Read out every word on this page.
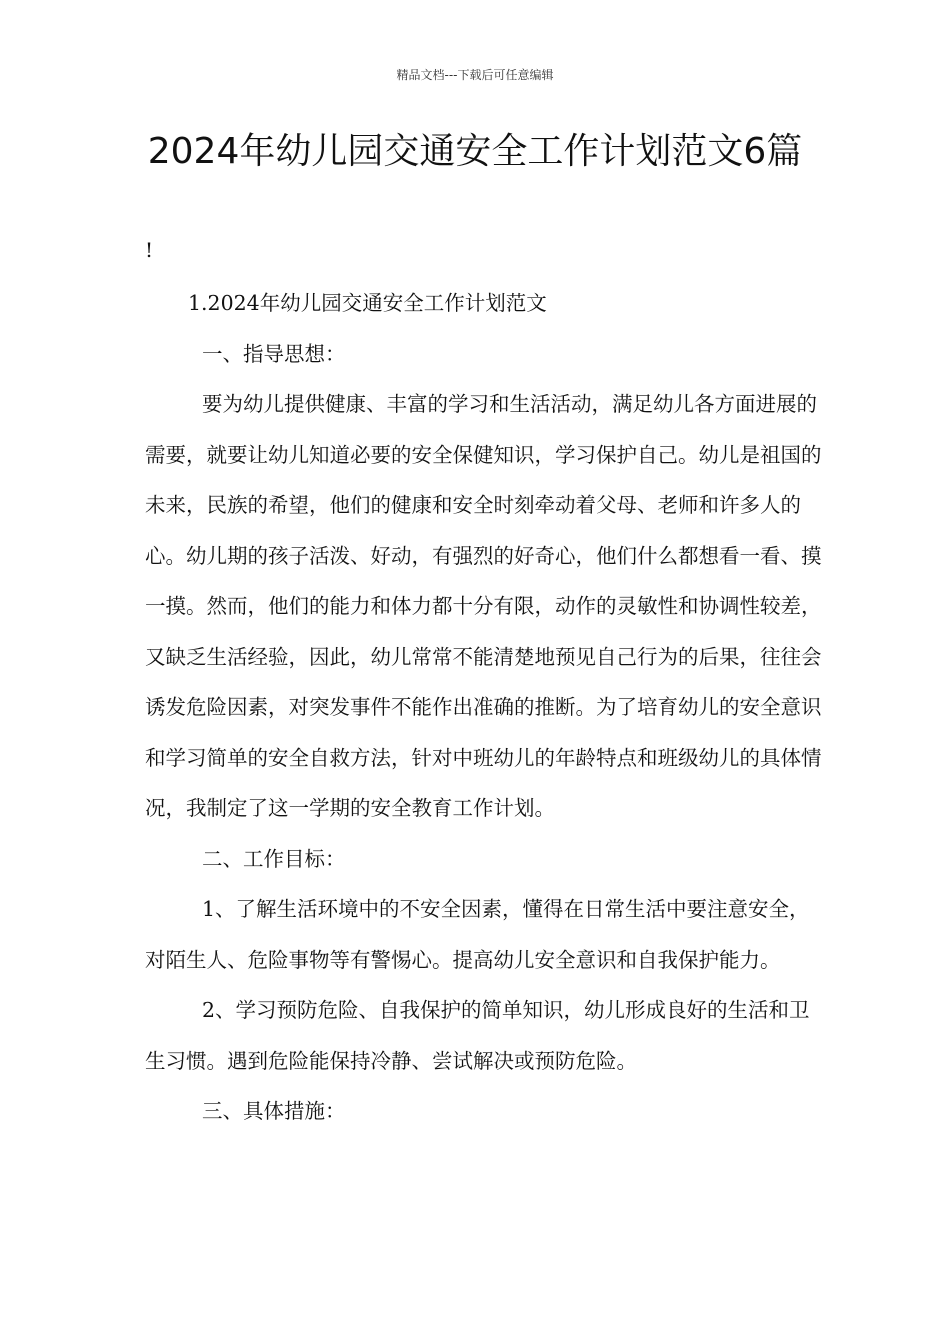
精品文档---下载后可任意编辑
2024年幼儿园交通安全工作计划范文6篇
!

1.2024年幼儿园交通安全工作计划范文

一、指导思想：

要为幼儿提供健康、丰富的学习和生活活动，满足幼儿各方面进展的需要，就要让幼儿知道必要的安全保健知识，学习保护自己。幼儿是祖国的未来，民族的希望，他们的健康和安全时刻牵动着父母、老师和许多人的心。幼儿期的孩子活泼、好动，有强烈的好奇心，他们什么都想看一看、摸一摸。然而，他们的能力和体力都十分有限，动作的灵敏性和协调性较差，又缺乏生活经验，因此，幼儿常常不能清楚地预见自己行为的后果，往往会诱发危险因素，对突发事件不能作出准确的推断。为了培育幼儿的安全意识和学习简单的安全自救方法，针对中班幼儿的年龄特点和班级幼儿的具体情况，我制定了这一学期的安全教育工作计划。

二、工作目标：

1、了解生活环境中的不安全因素，懂得在日常生活中要注意安全，对陌生人、危险事物等有警惕心。提高幼儿安全意识和自我保护能力。

2、学习预防危险、自我保护的简单知识，幼儿形成良好的生活和卫生习惯。遇到危险能保持冷静、尝试解决或预防危险。

三、具体措施：
